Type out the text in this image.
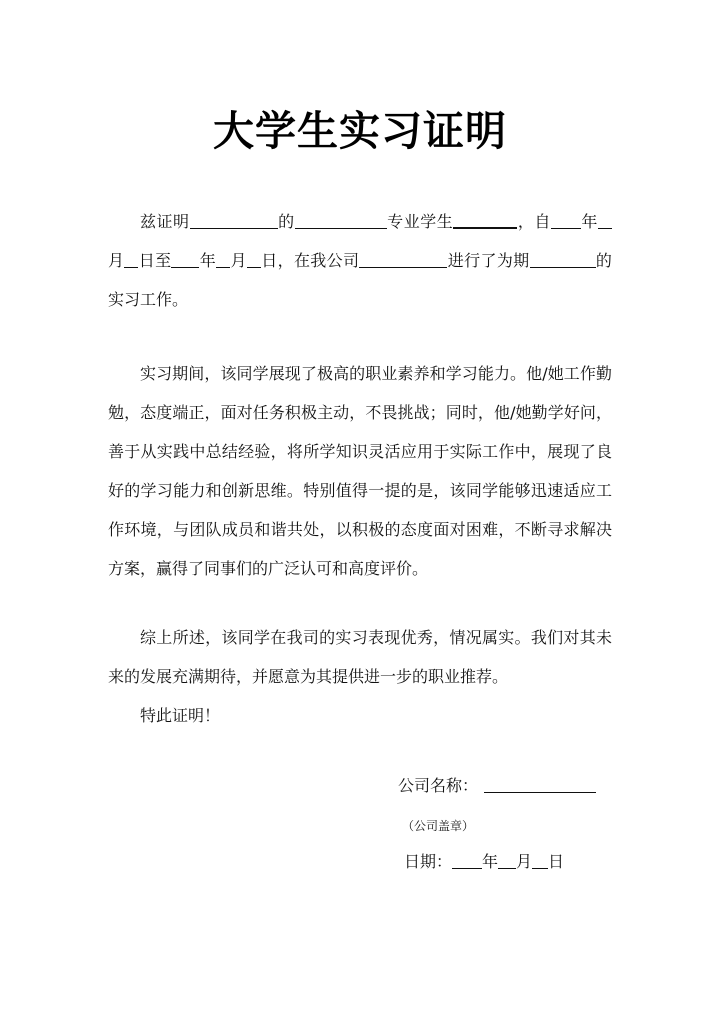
大学生实习证明

兹证明	的	专业学生	，自 年月 日至 年 月 日，在我公司	进行了为期	的实习工作。

实习期间，该同学展现了极高的职业素养和学习能力。他/她工作勤勉，态度端正，面对任务积极主动，不畏挑战；同时，他/她勤学好问，善于从实践中总结经验，将所学知识灵活应用于实际工作中，展现了良好的学习能力和创新思维。特别值得一提的是，该同学能够迅速适应工作环境，与团队成员和谐共处，以积极的态度面对困难，不断寻求解决方案，赢得了同事们的广泛认可和高度评价。

综上所述，该同学在我司的实习表现优秀，情况属实。我们对其未来的发展充满期待，并愿意为其提供进一步的职业推荐。

特此证明！

公司名称：
（公司盖章）
日期： 年 月 日
